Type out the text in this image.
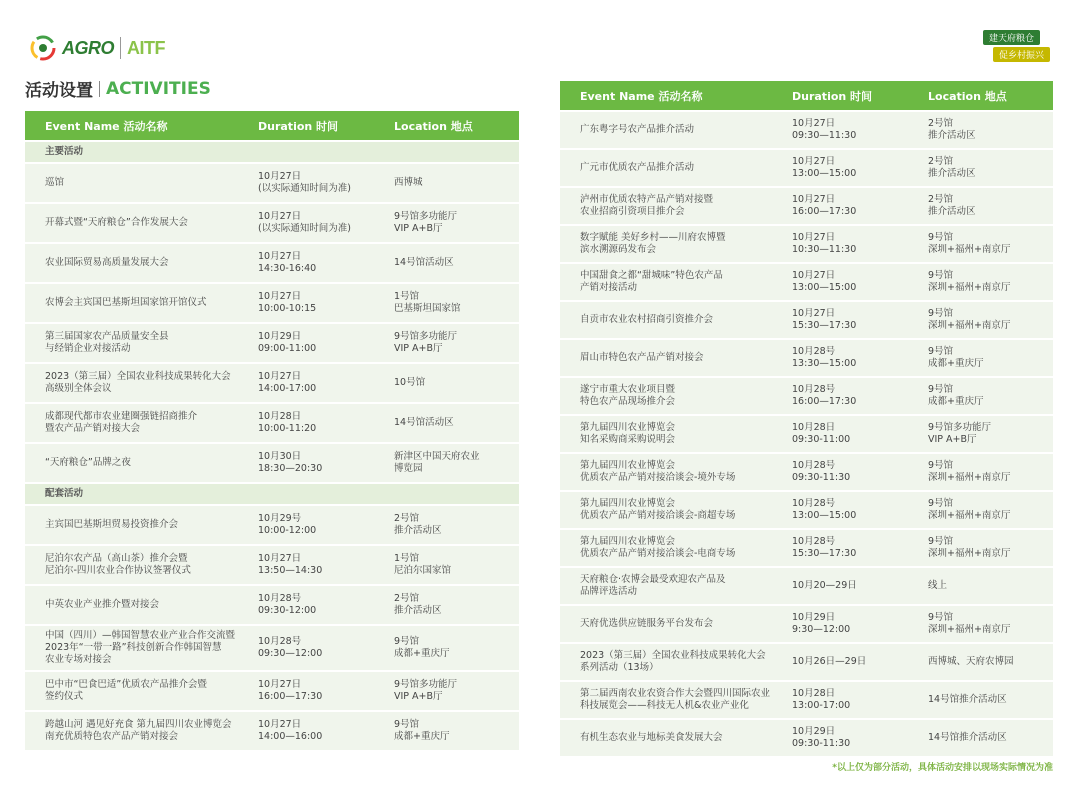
AGRO AITF	建天府粮仓
促乡村振兴
活动设置 ACTIVITIES
Event Name 活动名称	Duration 时间	Location 地点
主要活动		
巡馆	10月27日
(以实际通知时间为准)	西博城
开幕式暨“天府粮仓”合作发展大会	10月27日
(以实际通知时间为准)	9号馆多功能厅
VIP A+B厅
农业国际贸易高质量发展大会	10月27日
14:30-16:40	14号馆活动区
农博会主宾国巴基斯坦国家馆开馆仪式	10月27日
10:00-10:15	1号馆
巴基斯坦国家馆
第三届国家农产品质量安全县
与经销企业对接活动	10月29日
09:00-11:00	9号馆多功能厅
VIP A+B厅
2023（第三届）全国农业科技成果转化大会
高级别全体会议	10月27日
14:00-17:00	10号馆
成都现代都市农业建圈强链招商推介
暨农产品产销对接大会	10月28日
10:00-11:20	14号馆活动区
“天府粮仓”品牌之夜	10月30日
18:30—20:30	新津区中国天府农业
博览园
配套活动		
主宾国巴基斯坦贸易投资推介会	10月29号
10:00-12:00	2号馆
推介活动区
尼泊尔农产品（高山茶）推介会暨
尼泊尔-四川农业合作协议签署仪式	10月27日
13:50—14:30	1号馆
尼泊尔国家馆
中英农业产业推介暨对接会	10月28号
09:30-12:00	2号馆
推介活动区
中国（四川）—韩国智慧农业产业合作交流暨
2023年“一带一路”科技创新合作韩国智慧
农业专场对接会	10月28号
09:30—12:00	9号馆
成都+重庆厅
巴中市“巴食巴适”优质农产品推介会暨
签约仪式	10月27日
16:00—17:30	9号馆多功能厅
VIP A+B厅
跨越山河 遇见好充食 第九届四川农业博览会
南充优质特色农产品产销对接会	10月27日
14:00—16:00	9号馆
成都+重庆厅
Event Name 活动名称	Duration 时间	Location 地点
广东粤字号农产品推介活动	10月27日
09:30—11:30	2号馆
推介活动区
广元市优质农产品推介活动	10月27日
13:00—15:00	2号馆
推介活动区
泸州市优质农特产品产销对接暨
农业招商引资项目推介会	10月27日
16:00—17:30	2号馆
推介活动区
数字赋能 美好乡村——川府农博暨
滨水溯源码发布会	10月27日
10:30—11:30	9号馆
深圳+福州+南京厅
中国甜食之都“甜城味”特色农产品
产销对接活动	10月27日
13:00—15:00	9号馆
深圳+福州+南京厅
自贡市农业农村招商引资推介会	10月27日
15:30—17:30	9号馆
深圳+福州+南京厅
眉山市特色农产品产销对接会	10月28号
13:30—15:00	9号馆
成都+重庆厅
遂宁市重大农业项目暨
特色农产品现场推介会	10月28号
16:00—17:30	9号馆
成都+重庆厅
第九届四川农业博览会
知名采购商采购说明会	10月28日
09:30-11:00	9号馆多功能厅
VIP A+B厅
第九届四川农业博览会
优质农产品产销对接洽谈会-境外专场	10月28号
09:30-11:30	9号馆
深圳+福州+南京厅
第九届四川农业博览会
优质农产品产销对接洽谈会-商超专场	10月28号
13:00—15:00	9号馆
深圳+福州+南京厅
第九届四川农业博览会
优质农产品产销对接洽谈会-电商专场	10月28号
15:30—17:30	9号馆
深圳+福州+南京厅
天府粮仓·农博会最受欢迎农产品及
品牌评选活动	10月20—29日	线上
天府优选供应链服务平台发布会	10月29日
9:30—12:00	9号馆
深圳+福州+南京厅
2023（第三届）全国农业科技成果转化大会
系列活动（13场）	10月26日—29日	西博城、天府农博园
第二届西南农业农资合作大会暨四川国际农业
科技展览会——科技无人机&农业产业化	10月28日
13:00-17:00	14号馆推介活动区
有机生态农业与地标美食发展大会	10月29日
09:30-11:30	14号馆推介活动区
*以上仅为部分活动，具体活动安排以现场实际情况为准
